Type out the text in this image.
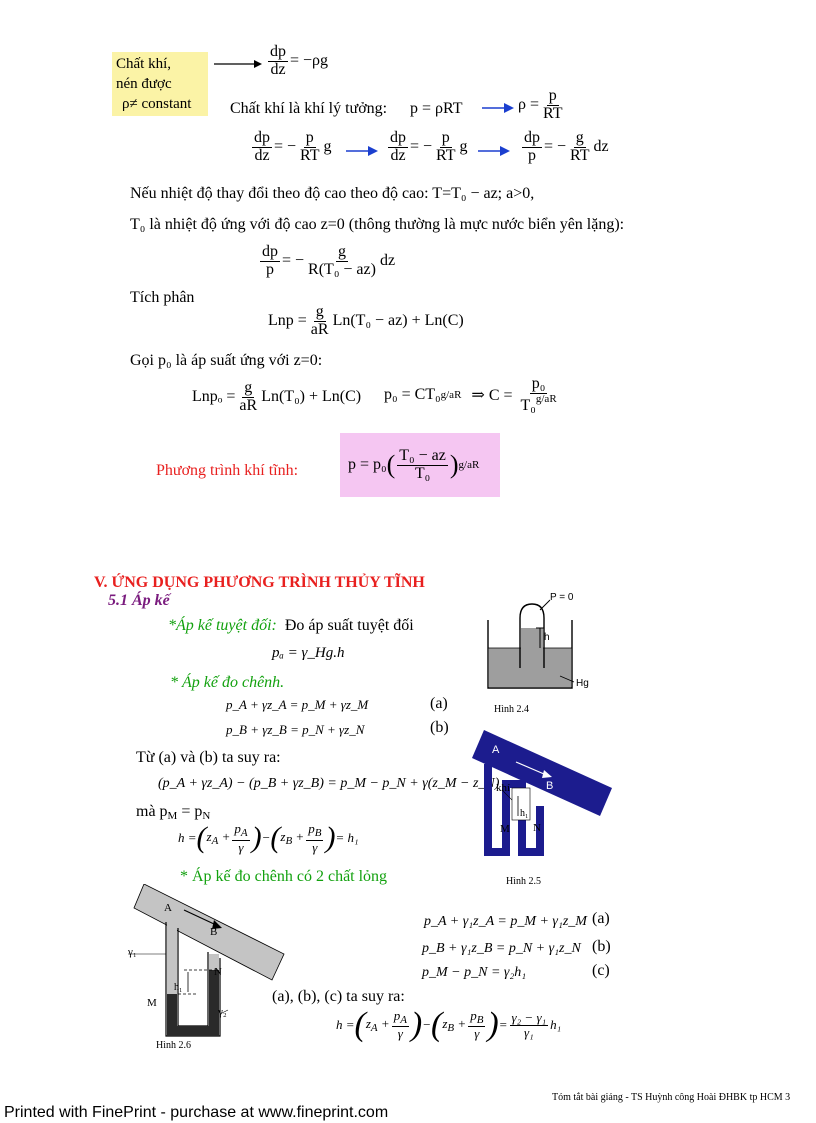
Chất khí,
nén được
ρ≠ constant
$\frac{dp}{dz} = -\rho g$
Chất khí là khí lý tưởng: p = ρRT	$\rho = \frac{p}{RT}$
$\frac{dp}{dz}$ = − $\frac{p}{RT}$ g	$\frac{dp}{dz}$ = − $\frac{p}{RT}$ g	$\frac{dp}{p}$ = − $\frac{g}{RT}$ dz
Nếu nhiệt độ thay đổi theo độ cao theo độ cao: T=T₀ − az; a>0,
T₀ là nhiệt độ ứng với độ cao z=0 (thông thường là mực nước biển yên lặng):
$\frac{dp}{p}$ = − $\frac{g}{\text{R(T₀ − az)}}$ dz
Tích phân
Lnp = $\frac{g}{aR} Ln(T_0 - az) + Ln(C)$
Gọi p₀ là áp suất ứng với z=0:
$Lnp_o = \frac{g}{aR} Ln(T_0) + Ln(C) p_0 = CT_0$ g/aR ⇒ $C = \frac{\text{p₀}}{T_0^{g/aR}}$
Phương trình khí tĩnh:	p = p₀ ( $\frac{\text{T₀ − az}}{\text{T₀}}$ ) g/aR
V. ỨNG DỤNG PHƯƠNG TRÌNH THỦY TĨNH
5.1 Áp kế
*Áp kế tuyệt đối: Đo áp suất tuyệt đối
pₐ = γ_Hg.h
* Áp kế đo chênh.
p_A + γz_A = p_M + γz_M	(a)
p_B + γz_B = p_N + γz_N	(b)
Từ (a) và (b) ta suy ra:
(p_A + γz_A) − (p_B + γz_B) = p_M − p_N + γ(z_M − z_N)
mà $p_M = p_N$
h = ( $z_A + \frac{p_A}{\gamma}$ ) − ( $z_B + \frac{p_B}{\gamma}$ ) = h₁
* Áp kế đo chênh có 2 chất lỏng
p_A + γ₁z_A = p_M + γ₁z_M (a)
p_B + γ₁z_B = p_N + γ₁z_N (b)
p_M − p_N = γ₂h₁	(c)
(a), (b), (c) ta suy ra:
h = ( $z_A + \frac{p_A}{\gamma}$ ) − ( $z_B + \frac{p_B}{\gamma}$ ) = $\frac{\text{γ₂ − γ₁}}{\text{γ₁}} h_1$
P = 0
h
Hg
Hình 2.4
A
B
khí
M N
h₁
Hình 2.5
A
B
γ₁
N
h₁
M
γ₂
Hình 2.6
Tóm tắt bài giảng - TS Huỳnh công Hoài ĐHBK tp HCM 3
Printed with FinePrint - purchase at www.fineprint.com
